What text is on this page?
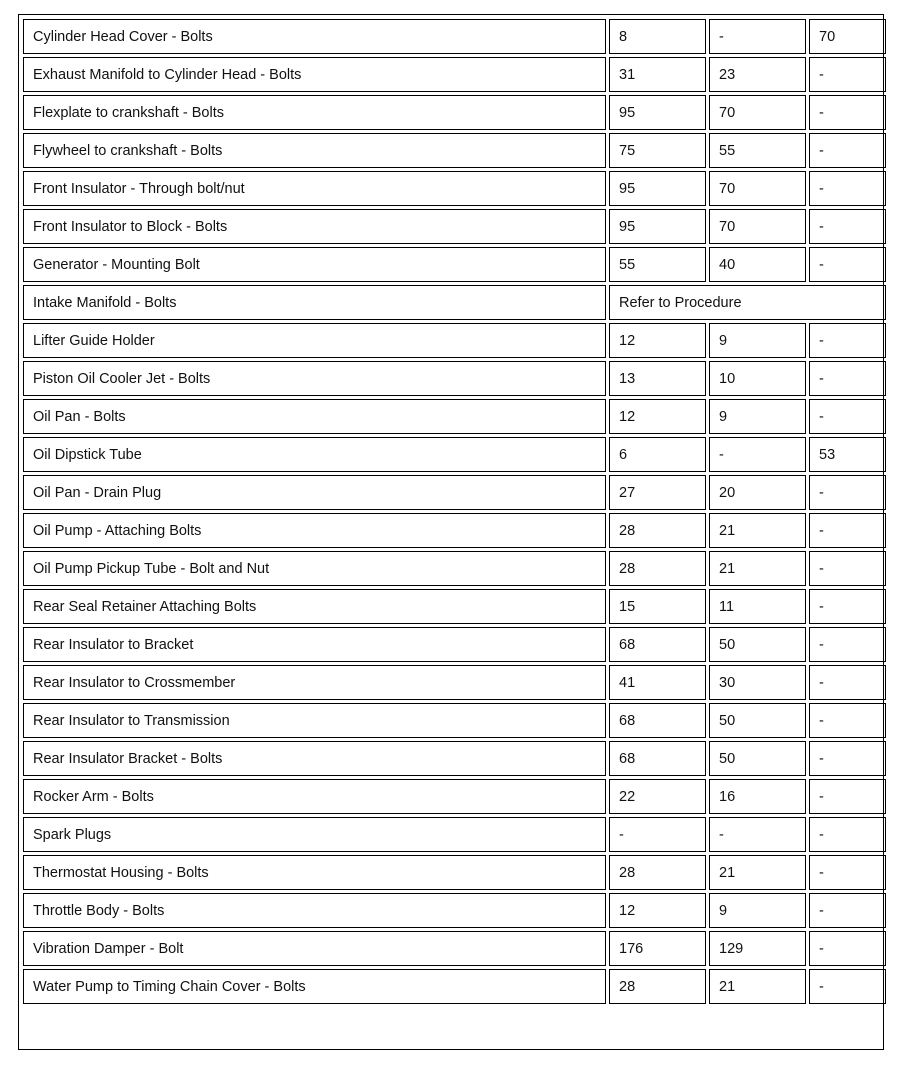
Cylinder Head Cover - Bolts	8	-	70
Exhaust Manifold to Cylinder Head - Bolts	31	23	-
Flexplate to crankshaft - Bolts	95	70	-
Flywheel to crankshaft - Bolts	75	55	-
Front Insulator - Through bolt/nut	95	70	-
Front Insulator to Block - Bolts	95	70	-
Generator - Mounting Bolt	55	40	-
Intake Manifold - Bolts	Refer to Procedure		
Lifter Guide Holder	12	9	-
Piston Oil Cooler Jet - Bolts	13	10	-
Oil Pan - Bolts	12	9	-
Oil Dipstick Tube	6	-	53
Oil Pan - Drain Plug	27	20	-
Oil Pump - Attaching Bolts	28	21	-
Oil Pump Pickup Tube - Bolt and Nut	28	21	-
Rear Seal Retainer Attaching Bolts	15	11	-
Rear Insulator to Bracket	68	50	-
Rear Insulator to Crossmember	41	30	-
Rear Insulator to Transmission	68	50	-
Rear Insulator Bracket - Bolts	68	50	-
Rocker Arm - Bolts	22	16	-
Spark Plugs	-	-	-
Thermostat Housing - Bolts	28	21	-
Throttle Body - Bolts	12	9	-
Vibration Damper - Bolt	176	129	-
Water Pump to Timing Chain Cover - Bolts	28	21	-
